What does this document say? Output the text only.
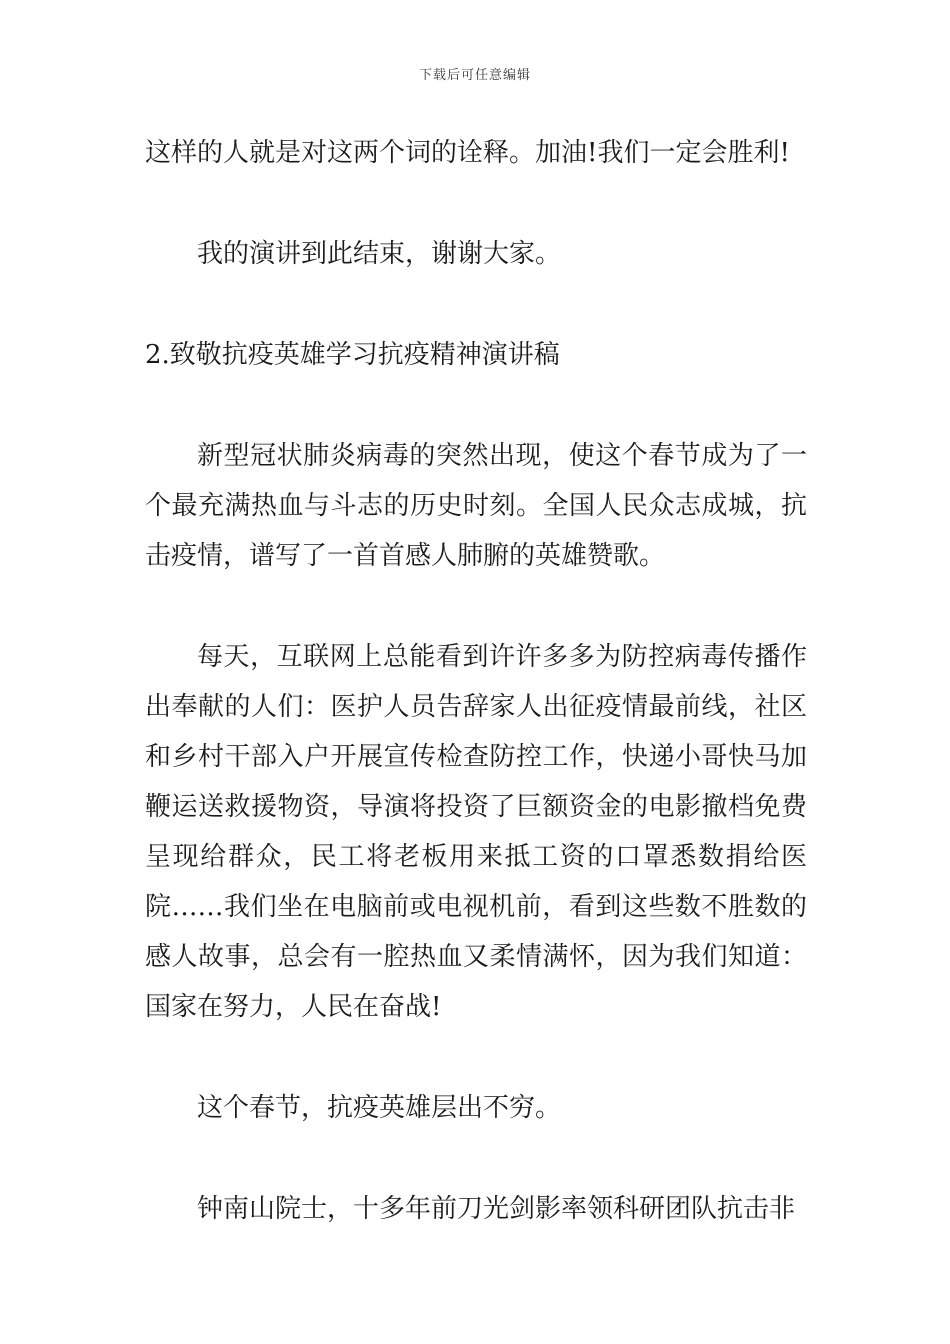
下载后可任意编辑

这样的人就是对这两个词的诠释。加油!我们一定会胜利!

我的演讲到此结束，谢谢大家。

2.致敬抗疫英雄学习抗疫精神演讲稿

新型冠状肺炎病毒的突然出现，使这个春节成为了一个最充满热血与斗志的历史时刻。全国人民众志成城，抗击疫情，谱写了一首首感人肺腑的英雄赞歌。

每天，互联网上总能看到许许多多为防控病毒传播作出奉献的人们：医护人员告辞家人出征疫情最前线，社区和乡村干部入户开展宣传检查防控工作，快递小哥快马加鞭运送救援物资，导演将投资了巨额资金的电影撤档免费呈现给群众，民工将老板用来抵工资的口罩悉数捐给医院……我们坐在电脑前或电视机前，看到这些数不胜数的感人故事，总会有一腔热血又柔情满怀，因为我们知道：国家在努力，人民在奋战!

这个春节，抗疫英雄层出不穷。

钟南山院士，十多年前刀光剑影率领科研团队抗击非
